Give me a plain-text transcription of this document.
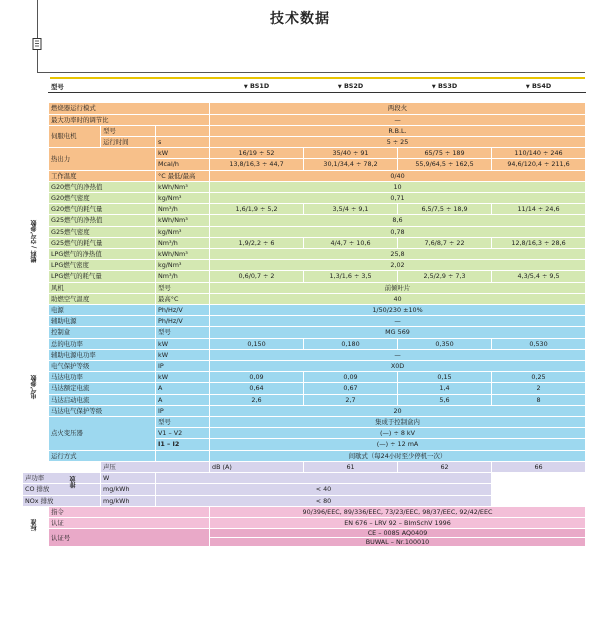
技术数据
	型号			▼ BS1D	▼ BS2D	▼ BS3D	▼ BS4D	

	燃烧器运行模式			两段火				
	最大功率时的调节比			—				
	伺服电机	型号		R.B.L.				
		运行时间	s	5 ÷ 25				
	热出力		kW	16/19 ÷ 52	35/40 ÷ 91	65/75 ÷ 189	110/140 ÷ 246	
			Mcal/h	13,8/16,3 ÷ 44,7	30,1/34,4 ÷ 78,2	55,9/64,5 ÷ 162,5	94,6/120,4 ÷ 211,6	
	工作温度		°C 最低/最高	0/40				
燃料 / 空气参数	G20燃气的净热值		kWh/Nm³	10				
	G20燃气密度		kg/Nm³	0,71				
	G20燃气的耗气量		Nm³/h	1,6/1,9 ÷ 5,2	3,5/4 ÷ 9,1	6,5/7,5 ÷ 18,9	11/14 ÷ 24,6	
	G25燃气的净热值		kWh/Nm³	8,6				
	G25燃气密度		kg/Nm³	0,78				
	G25燃气的耗气量		Nm³/h	1,9/2,2 ÷ 6	4/4,7 ÷ 10,6	7,6/8,7 ÷ 22	12,8/16,3 ÷ 28,6	
	LPG燃气的净热值		kWh/Nm³	25,8				
	LPG燃气密度		kg/Nm³	2,02				
	LPG燃气的耗气量		Nm³/h	0,6/0,7 ÷ 2	1,3/1,6 ÷ 3,5	2,5/2,9 ÷ 7,3	4,3/5,4 ÷ 9,5	
	风机		型号	前倾叶片				
	助燃空气温度		最高°C	40				
电气参数	电源		Ph/Hz/V	1/50/230 ±10%				
	辅助电源		Ph/Hz/V	—				
	控制盒		型号	MG 569				
	总的电功率		kW	0,150	0,180	0,350	0,530	
	辅助电源电功率		kW	—				
	电气保护等级		IP	X0D				
	马达电功率		kW	0,09	0,09	0,15	0,25	
	马达额定电流		A	0,64	0,67	1,4	2	
	马达启动电流		A	2,6	2,7	5,6	8	
	马达电气保护等级		IP	20				
	点火变压器		型号	集成于控制盒内				
			V1 – V2	(—) ÷ 8 kV				
			I1 – I2	(—) ÷ 12 mA				
	运行方式			间歇式（每24小时至少停机一次）				
	排放	声压		dB (A)	61	62	66	
声功率		W						
CO 排放		mg/kWh	< 40					
NOx 排放		mg/kWh	< 80					
标准	指令			90/396/EEC, 89/336/EEC, 73/23/EEC, 98/37/EEC, 92/42/EEC				
	认证			EN 676 – LRV 92 – BImSchV 1996				
	认证号			CE – 0085 AQ0409				
				BUWAL – Nr.100010				
